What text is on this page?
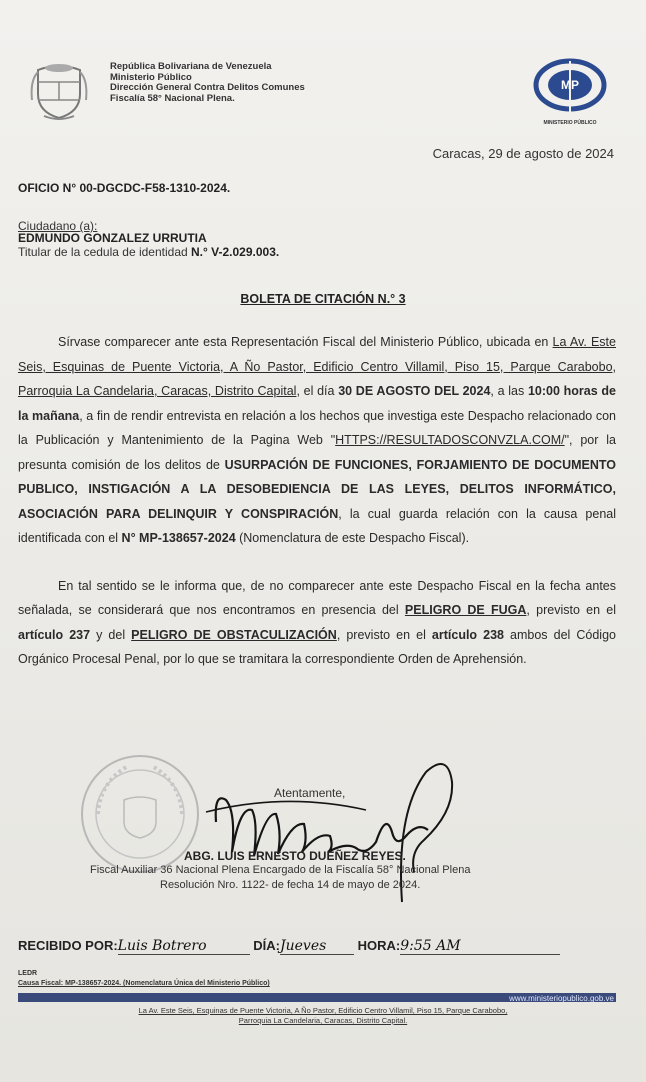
República Bolivariana de Venezuela
Ministerio Público
Dirección General Contra Delitos Comunes
Fiscalía 58° Nacional Plena.
MP
MINISTERIO PÚBLICO
Caracas, 29 de agosto de 2024
OFICIO N° 00-DGCDC-F58-1310-2024.
Ciudadano (a):
EDMUNDO GONZALEZ URRUTIA
Titular de la cedula de identidad N.° V-2.029.003.
BOLETA DE CITACIÓN N.° 3

Sírvase comparecer ante esta Representación Fiscal del Ministerio Público, ubicada en La Av. Este Seis, Esquinas de Puente Victoria, A Ño Pastor, Edificio Centro Villamil, Piso 15, Parque Carabobo, Parroquia La Candelaria, Caracas, Distrito Capital, el día 30 DE AGOSTO DEL 2024, a las 10:00 horas de la mañana, a fin de rendir entrevista en relación a los hechos que investiga este Despacho relacionado con la Publicación y Mantenimiento de la Pagina Web "HTTPS://RESULTADOSCONVZLA.COM/", por la presunta comisión de los delitos de USURPACIÓN DE FUNCIONES, FORJAMIENTO DE DOCUMENTO PUBLICO, INSTIGACIÓN A LA DESOBEDIENCIA DE LAS LEYES, DELITOS INFORMÁTICO, ASOCIACIÓN PARA DELINQUIR Y CONSPIRACIÓN, la cual guarda relación con la causa penal identificada con el N° MP-138657-2024 (Nomenclatura de este Despacho Fiscal).

En tal sentido se le informa que, de no comparecer ante este Despacho Fiscal en la fecha antes señalada, se considerará que nos encontramos en presencia del PELIGRO DE FUGA, previsto en el artículo 237 y del PELIGRO DE OBSTACULIZACIÓN, previsto en el artículo 238 ambos del Código Orgánico Procesal Penal, por lo que se tramitara la correspondiente Orden de Aprehensión.

Atentamente,
ABG. LUIS ERNESTO DUEÑEZ REYES.
Fiscal Auxiliar 36 Nacional Plena Encargado de la Fiscalía 58° Nacional Plena
Resolución Nro. 1122- de fecha 14 de mayo de 2024.
RECIBIDO POR:Luis Botrero	DÍA:Jueves HORA:9:55 AM
LEDR
Causa Fiscal: MP-138657-2024. (Nomenclatura Única del Ministerio Público)
www.ministeriopublico.gob.ve
La Av. Este Seis, Esquinas de Puente Victoria, A Ño Pastor, Edificio Centro Villamil, Piso 15, Parque Carabobo,
Parroquia La Candelaria, Caracas, Distrito Capital.
